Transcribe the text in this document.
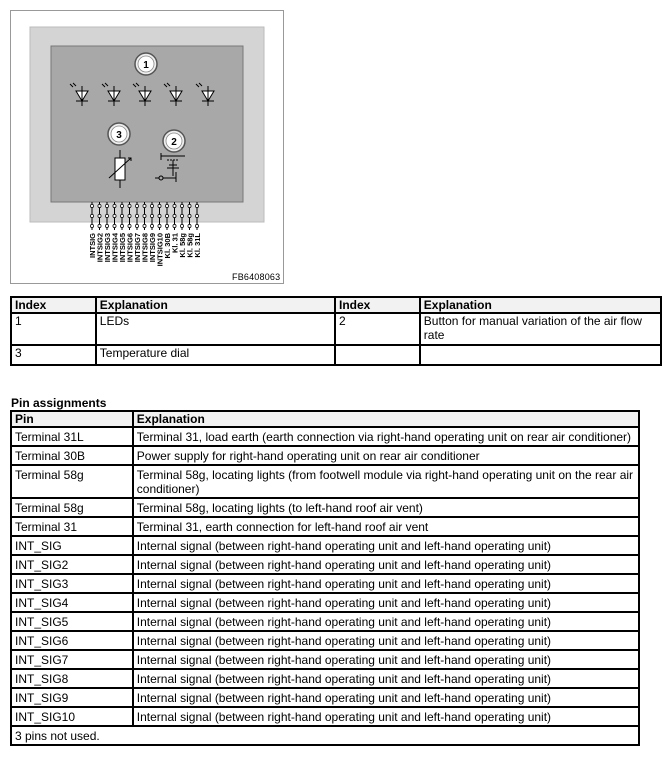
1
3
2
INTSIG
INTSIG2
INTSIG3
INTSIG4
INTSIG5
INTSIG6
INTSIG7
INTSIG8
INTSIG9
INTSIG10
Kl. 30B
Kl. 31
Kl. 58g
Kl. 58g
Kl. 31L
FB6408063
Index	Explanation	Index	Explanation
1	LEDs	2	Button for manual variation of the air flow rate
3	Temperature dial		
Pin assignments
Pin	Explanation
Terminal 31L	Terminal 31, load earth (earth connection via right-hand operating unit on rear air conditioner)
Terminal 30B	Power supply for right-hand operating unit on rear air conditioner
Terminal 58g	Terminal 58g, locating lights (from footwell module via right-hand operating unit on the rear air conditioner)
Terminal 58g	Terminal 58g, locating lights (to left-hand roof air vent)
Terminal 31	Terminal 31, earth connection for left-hand roof air vent
INT_SIG	Internal signal (between right-hand operating unit and left-hand operating unit)
INT_SIG2	Internal signal (between right-hand operating unit and left-hand operating unit)
INT_SIG3	Internal signal (between right-hand operating unit and left-hand operating unit)
INT_SIG4	Internal signal (between right-hand operating unit and left-hand operating unit)
INT_SIG5	Internal signal (between right-hand operating unit and left-hand operating unit)
INT_SIG6	Internal signal (between right-hand operating unit and left-hand operating unit)
INT_SIG7	Internal signal (between right-hand operating unit and left-hand operating unit)
INT_SIG8	Internal signal (between right-hand operating unit and left-hand operating unit)
INT_SIG9	Internal signal (between right-hand operating unit and left-hand operating unit)
INT_SIG10	Internal signal (between right-hand operating unit and left-hand operating unit)
3 pins not used.	
